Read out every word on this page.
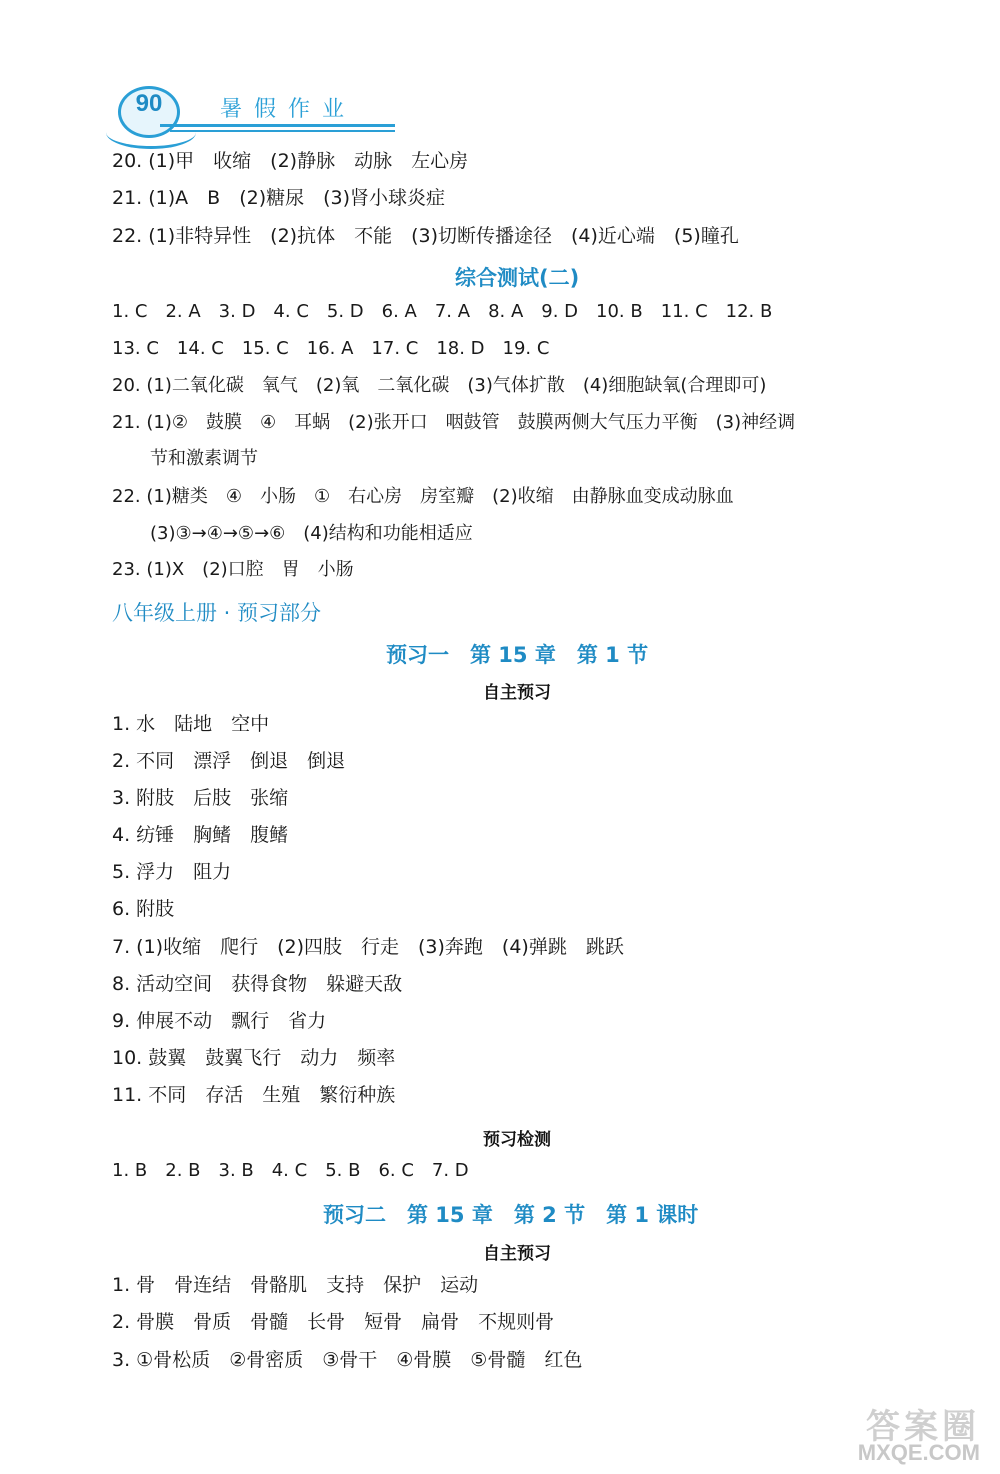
90	暑假作业
20. (1)甲　收缩　(2)静脉　动脉　左心房
21. (1)A　B　(2)糖尿　(3)肾小球炎症
22. (1)非特异性　(2)抗体　不能　(3)切断传播途径　(4)近心端　(5)瞳孔
综合测试(二)
1. C　2. A　3. D　4. C　5. D　6. A　7. A　8. A　9. D　10. B　11. C　12. B
13. C　14. C　15. C　16. A　17. C　18. D　19. C
20. (1)二氧化碳　氧气　(2)氧　二氧化碳　(3)气体扩散　(4)细胞缺氧(合理即可)
21. (1)②　鼓膜　④　耳蜗　(2)张开口　咽鼓管　鼓膜两侧大气压力平衡　(3)神经调
节和激素调节
22. (1)糖类　④　小肠　①　右心房　房室瓣　(2)收缩　由静脉血变成动脉血
(3)③→④→⑤→⑥　(4)结构和功能相适应
23. (1)X　(2)口腔　胃　小肠
八年级上册 · 预习部分
预习一　第 15 章　第 1 节
自主预习
1. 水　陆地　空中
2. 不同　漂浮　倒退　倒退
3. 附肢　后肢　张缩
4. 纺锤　胸鳍　腹鳍
5. 浮力　阻力
6. 附肢
7. (1)收缩　爬行　(2)四肢　行走　(3)奔跑　(4)弹跳　跳跃
8. 活动空间　获得食物　躲避天敌
9. 伸展不动　飘行　省力
10. 鼓翼　鼓翼飞行　动力　频率
11. 不同　存活　生殖　繁衍种族
预习检测
1. B　2. B　3. B　4. C　5. B　6. C　7. D
预习二　第 15 章　第 2 节　第 1 课时
自主预习
1. 骨　骨连结　骨骼肌　支持　保护　运动
2. 骨膜　骨质　骨髓　长骨　短骨　扁骨　不规则骨
3. ①骨松质　②骨密质　③骨干　④骨膜　⑤骨髓　红色
答案圈
MXQE.COM
